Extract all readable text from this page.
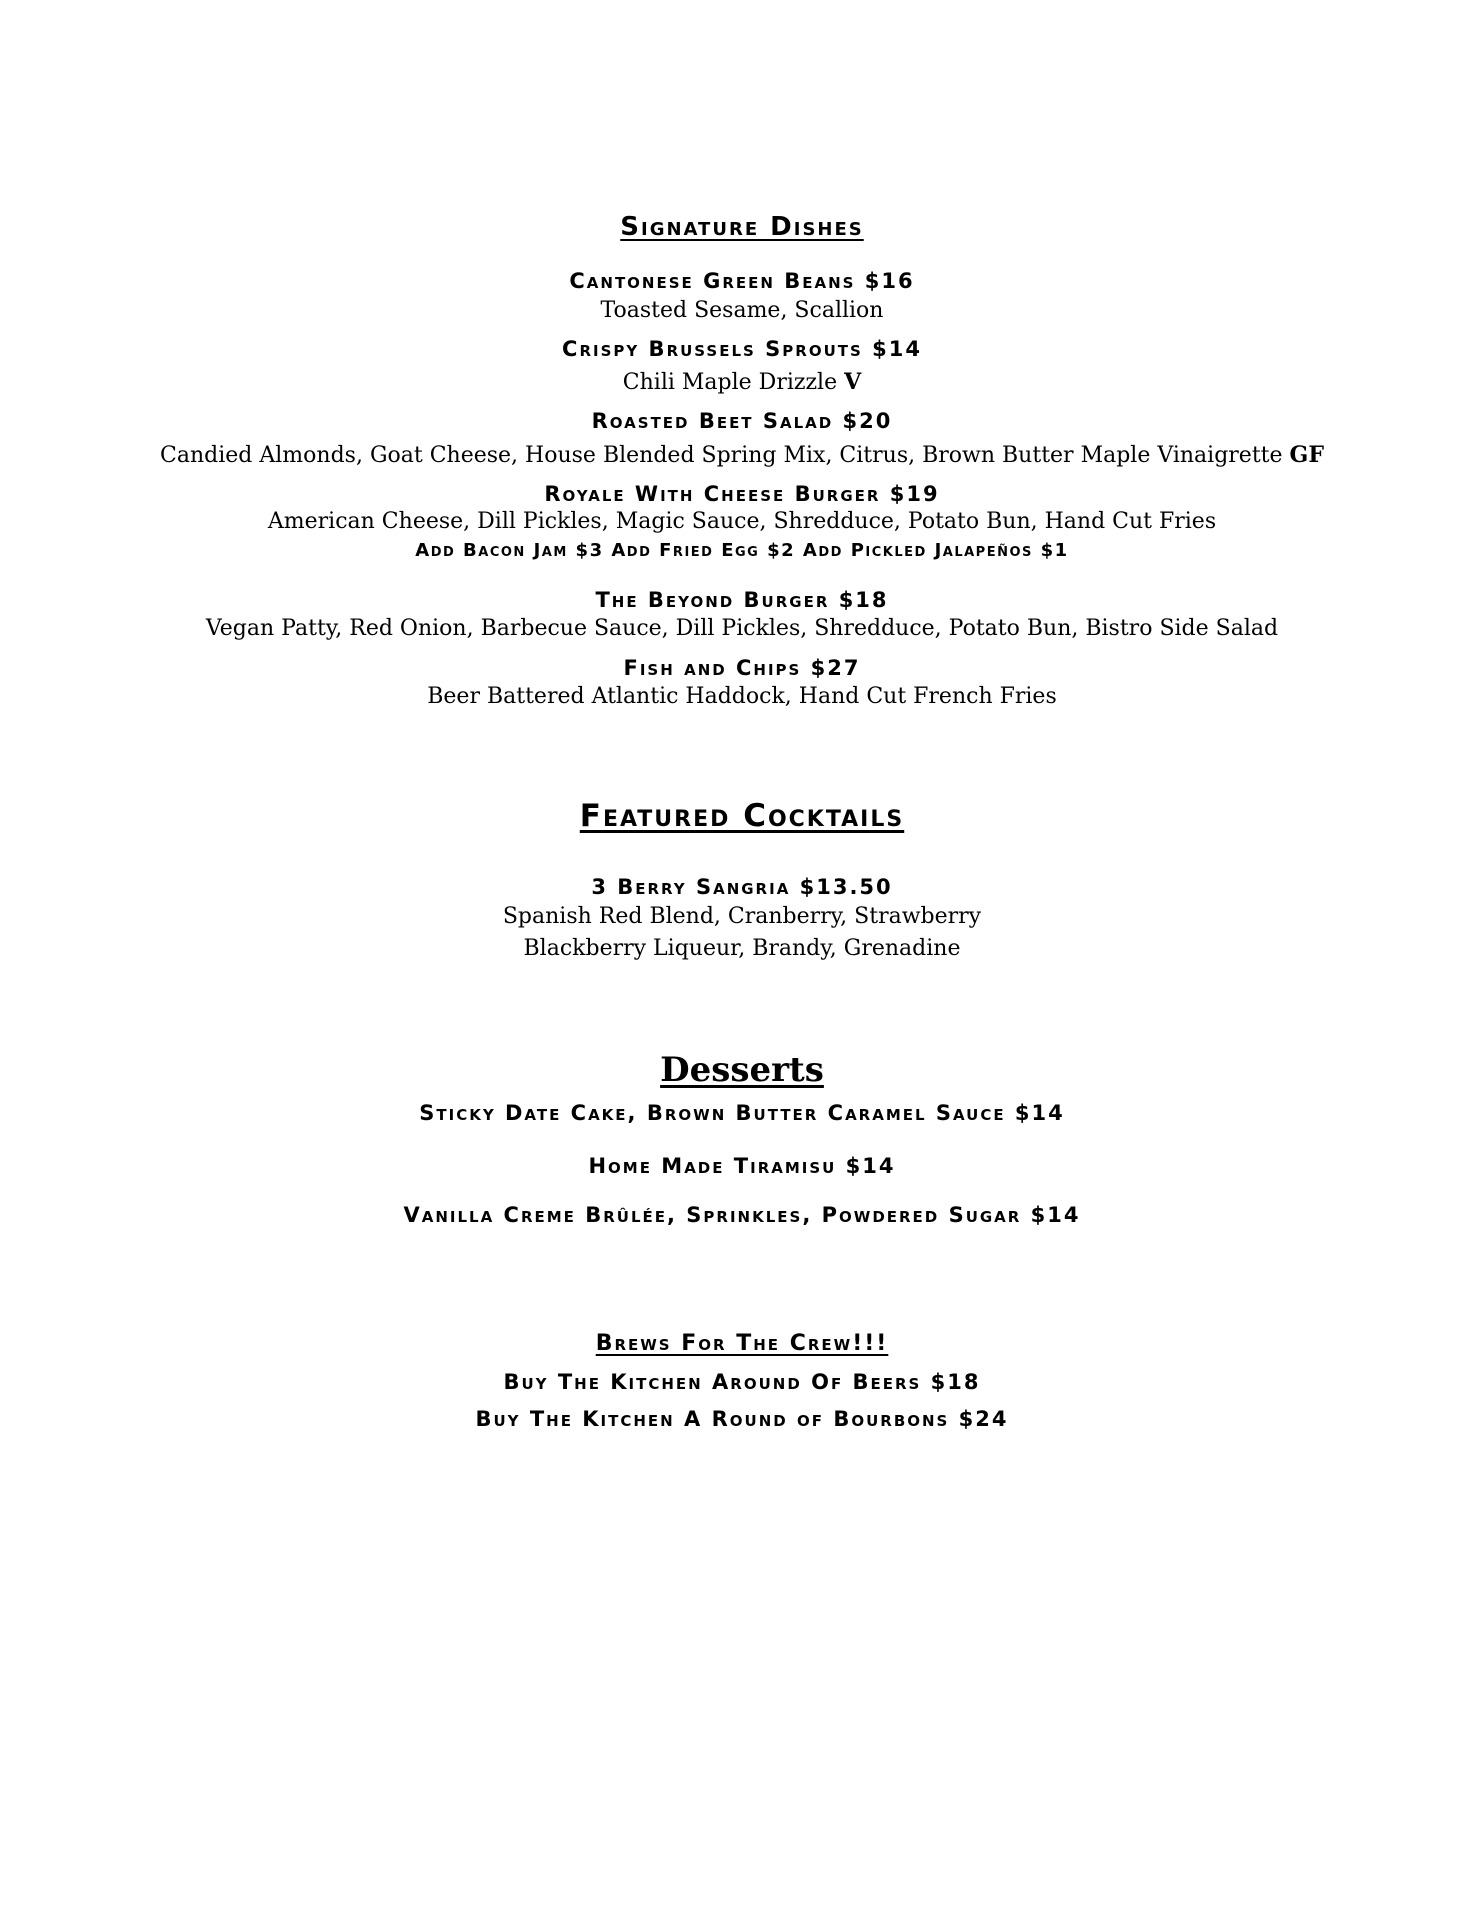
Signature Dishes
Cantonese Green Beans $16
Toasted Sesame, Scallion
Crispy Brussels Sprouts $14
Chili Maple Drizzle V
Roasted Beet Salad $20
Candied Almonds, Goat Cheese, House Blended Spring Mix, Citrus, Brown Butter Maple Vinaigrette GF
Royale With Cheese Burger $19
American Cheese, Dill Pickles, Magic Sauce, Shredduce, Potato Bun, Hand Cut Fries
Add Bacon Jam $3 Add Fried Egg $2 Add Pickled Jalapeños $1
The Beyond Burger $18
Vegan Patty, Red Onion, Barbecue Sauce, Dill Pickles, Shredduce, Potato Bun, Bistro Side Salad
Fish and Chips $27
Beer Battered Atlantic Haddock, Hand Cut French Fries
Featured Cocktails
3 Berry Sangria $13.50
Spanish Red Blend, Cranberry, Strawberry
Blackberry Liqueur, Brandy, Grenadine
Desserts
Sticky Date Cake, Brown Butter Caramel Sauce $14
Home Made Tiramisu $14
Vanilla Creme Brûlée, Sprinkles, Powdered Sugar $14
Brews For The Crew!!!
Buy The Kitchen Around Of Beers $18
Buy The Kitchen A Round of Bourbons $24
